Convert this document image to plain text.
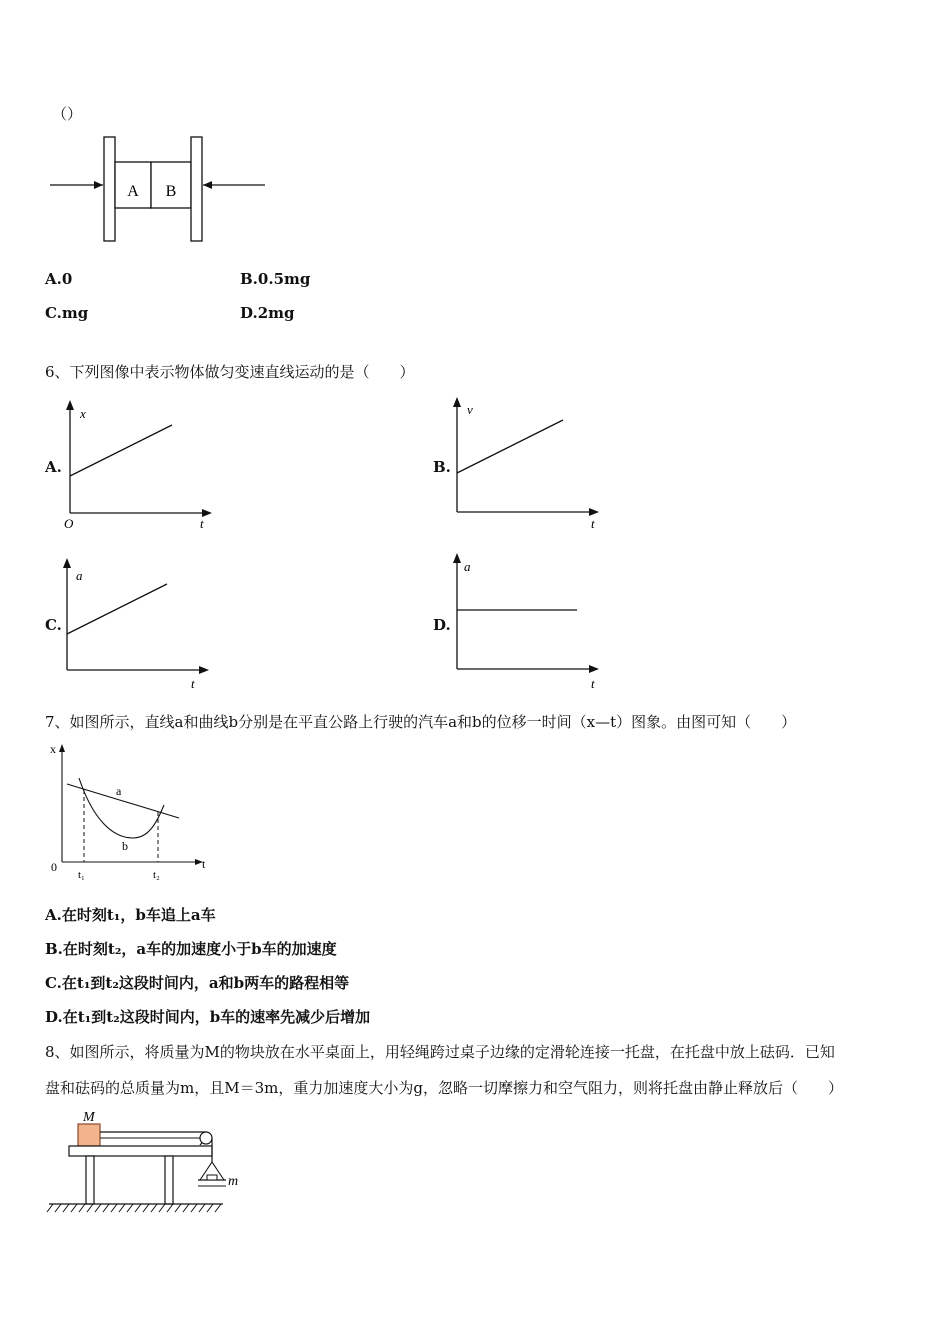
（）
A B
A.0	B.0.5mg
C.mg	D.2mg
6、下列图像中表示物体做匀变速直线运动的是（　　）
A.
x
t
O
B.
v
t
C.
a
t
D.
a
t
7、如图所示，直线a和曲线b分别是在平直公路上行驶的汽车a和b的位移一时间（x—t）图象。由图可知（　　）
x
t
0
a
b
t₁	t₂
A.在时刻t₁，b车追上a车
B.在时刻t₂，a车的加速度小于b车的加速度
C.在t₁到t₂这段时间内，a和b两车的路程相等
D.在t₁到t₂这段时间内，b车的速率先减少后增加
8、如图所示，将质量为M的物块放在水平桌面上，用轻绳跨过桌子边缘的定滑轮连接一托盘，在托盘中放上砝码．已知
盘和砝码的总质量为m，且M＝3m，重力加速度大小为g，忽略一切摩擦力和空气阻力，则将托盘由静止释放后（　　）
M
m
